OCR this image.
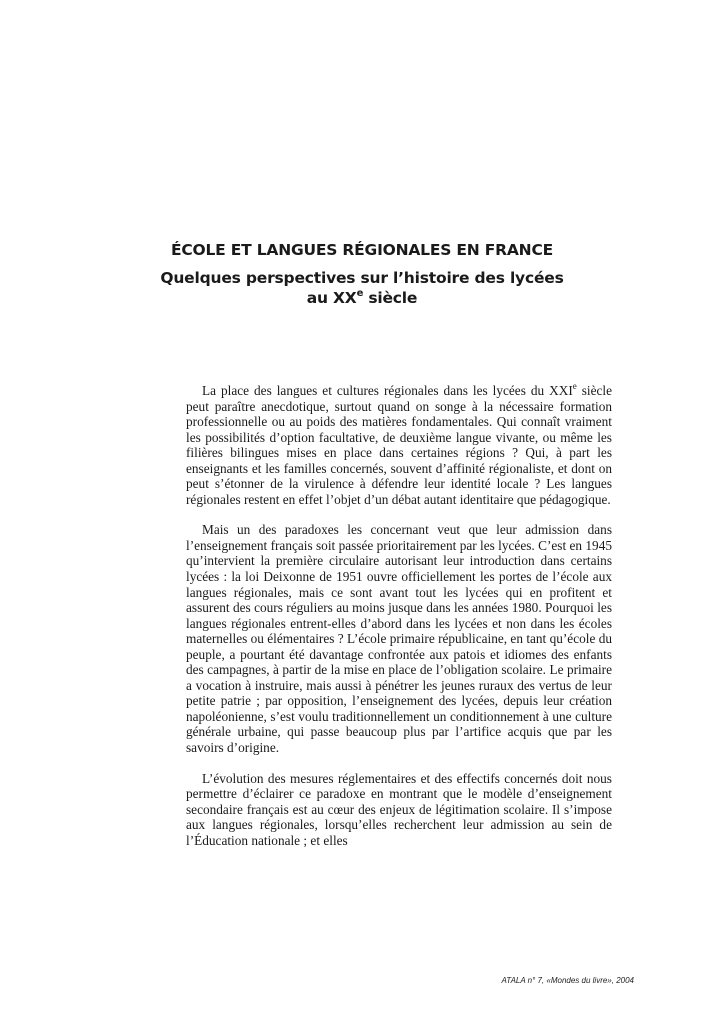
ÉCOLE ET LANGUES RÉGIONALES EN FRANCE
Quelques perspectives sur l’histoire des lycées
au XXe siècle

La place des langues et cultures régionales dans les lycées du XXIe siècle peut paraître anecdotique, surtout quand on songe à la nécessaire formation professionnelle ou au poids des matières fondamentales. Qui connaît vraiment les possibilités d’option facultative, de deuxième langue vivante, ou même les filières bilingues mises en place dans certaines régions ? Qui, à part les enseignants et les familles concernés, souvent d’affinité régionaliste, et dont on peut s’étonner de la virulence à défendre leur identité locale ? Les langues régionales restent en effet l’objet d’un débat autant identitaire que pédagogique.

Mais un des paradoxes les concernant veut que leur admission dans l’enseignement français soit passée prioritairement par les lycées. C’est en 1945 qu’intervient la première circulaire autorisant leur introduction dans certains lycées : la loi Deixonne de 1951 ouvre officiellement les portes de l’école aux langues régionales, mais ce sont avant tout les lycées qui en profitent et assurent des cours réguliers au moins jusque dans les années 1980. Pourquoi les langues régionales entrent-elles d’abord dans les lycées et non dans les écoles maternelles ou élémentaires ? L’école primaire républicaine, en tant qu’école du peuple, a pourtant été davantage confrontée aux patois et idiomes des enfants des campagnes, à partir de la mise en place de l’obligation scolaire. Le primaire a vocation à instruire, mais aussi à pénétrer les jeunes ruraux des vertus de leur petite patrie ; par opposition, l’enseignement des lycées, depuis leur création napoléonienne, s’est voulu traditionnellement un conditionnement à une culture générale urbaine, qui passe beaucoup plus par l’artifice acquis que par les savoirs d’origine.

L’évolution des mesures réglementaires et des effectifs concernés doit nous permettre d’éclairer ce paradoxe en montrant que le modèle d’enseignement secondaire français est au cœur des enjeux de légitimation scolaire. Il s’impose aux langues régionales, lorsqu’elles recherchent leur admission au sein de l’Éducation nationale ; et elles

ATALA n° 7, «Mondes du livre», 2004
